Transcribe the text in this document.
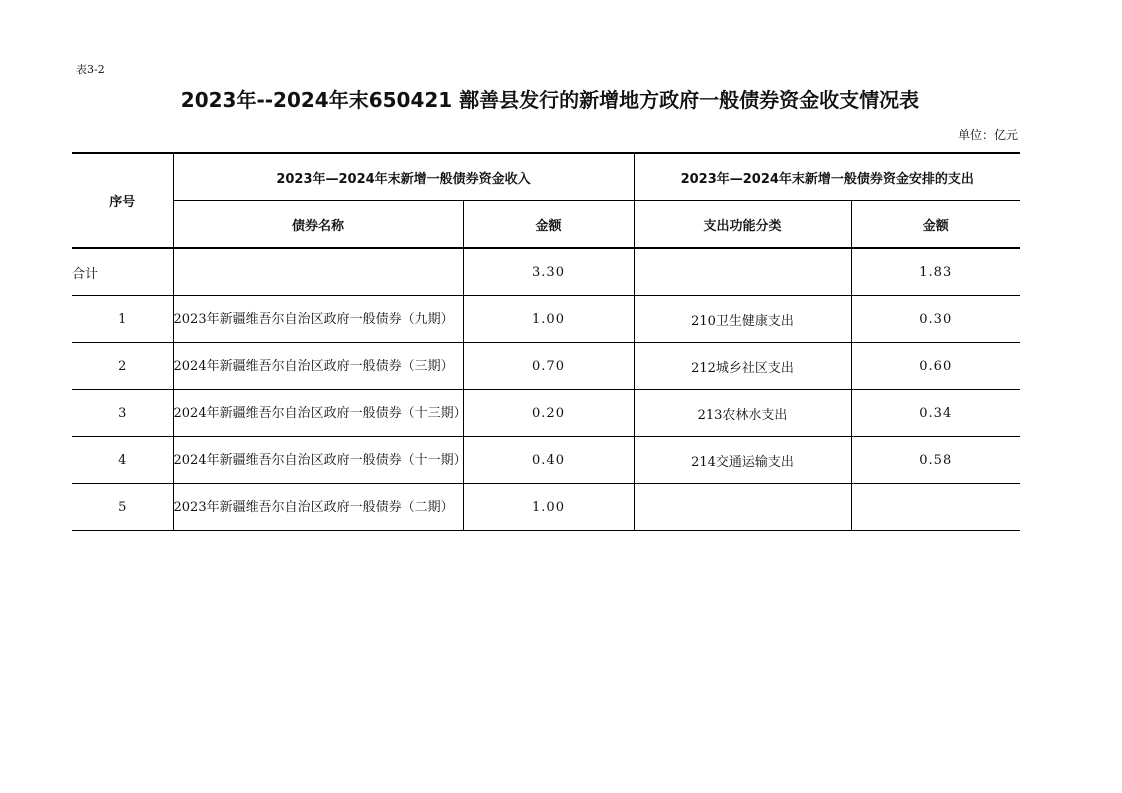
表3-2
2023年--2024年末650421 鄯善县发行的新增地方政府一般债券资金收支情况表
单位：亿元
序号	2023年—2024年末新增一般债券资金收入		2023年—2024年末新增一般债券资金安排的支出	
	债券名称	金额	支出功能分类	金额
合计		3.30		1.83
1	2023年新疆维吾尔自治区政府一般债券（九期）	1.00	210卫生健康支出	0.30
2	2024年新疆维吾尔自治区政府一般债券（三期）	0.70	212城乡社区支出	0.60
3	2024年新疆维吾尔自治区政府一般债券（十三期）	0.20	213农林水支出	0.34
4	2024年新疆维吾尔自治区政府一般债券（十一期）	0.40	214交通运输支出	0.58
5	2023年新疆维吾尔自治区政府一般债券（二期）	1.00		
